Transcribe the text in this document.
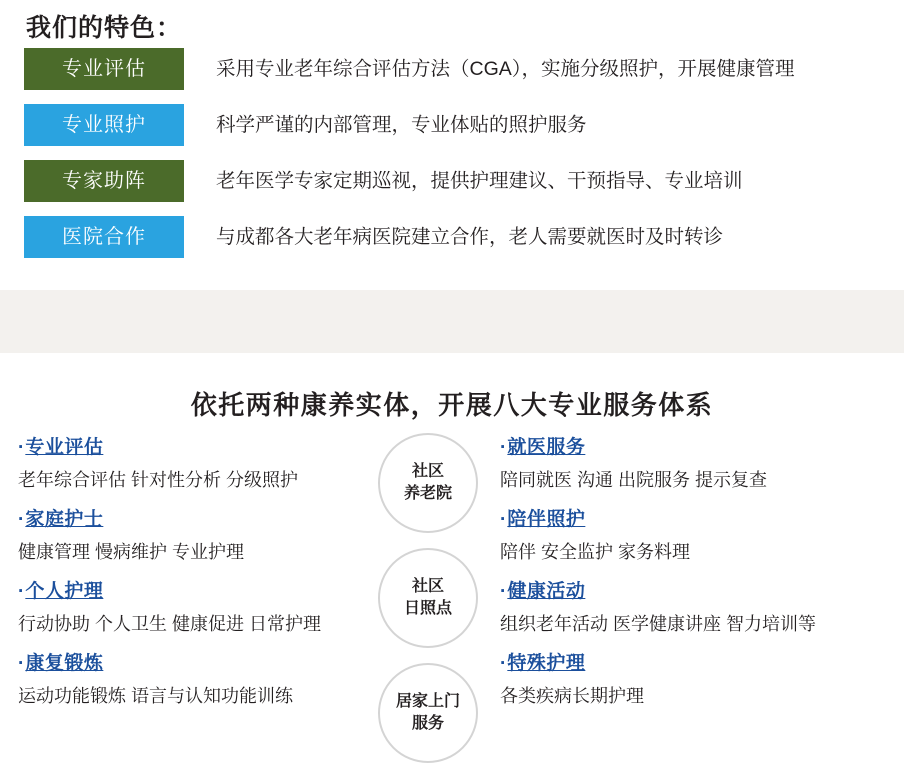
我们的特色：
专业评估	采用专业老年综合评估方法（CGA），实施分级照护，开展健康管理
专业照护	科学严谨的内部管理，专业体贴的照护服务
专家助阵	老年医学专家定期巡视，提供护理建议、干预指导、专业培训
医院合作	与成都各大老年病医院建立合作，老人需要就医时及时转诊
依托两种康养实体，开展八大专业服务体系
·专业评估
老年综合评估 针对性分析 分级照护
·家庭护士
健康管理 慢病维护 专业护理
·个人护理
行动协助 个人卫生 健康促进 日常护理
·康复锻炼
运动功能锻炼 语言与认知功能训练
社区
养老院
社区
日照点
居家上门
服务
·就医服务
陪同就医 沟通 出院服务 提示复查
·陪伴照护
陪伴 安全监护 家务料理
·健康活动
组织老年活动 医学健康讲座 智力培训等
·特殊护理
各类疾病长期护理
